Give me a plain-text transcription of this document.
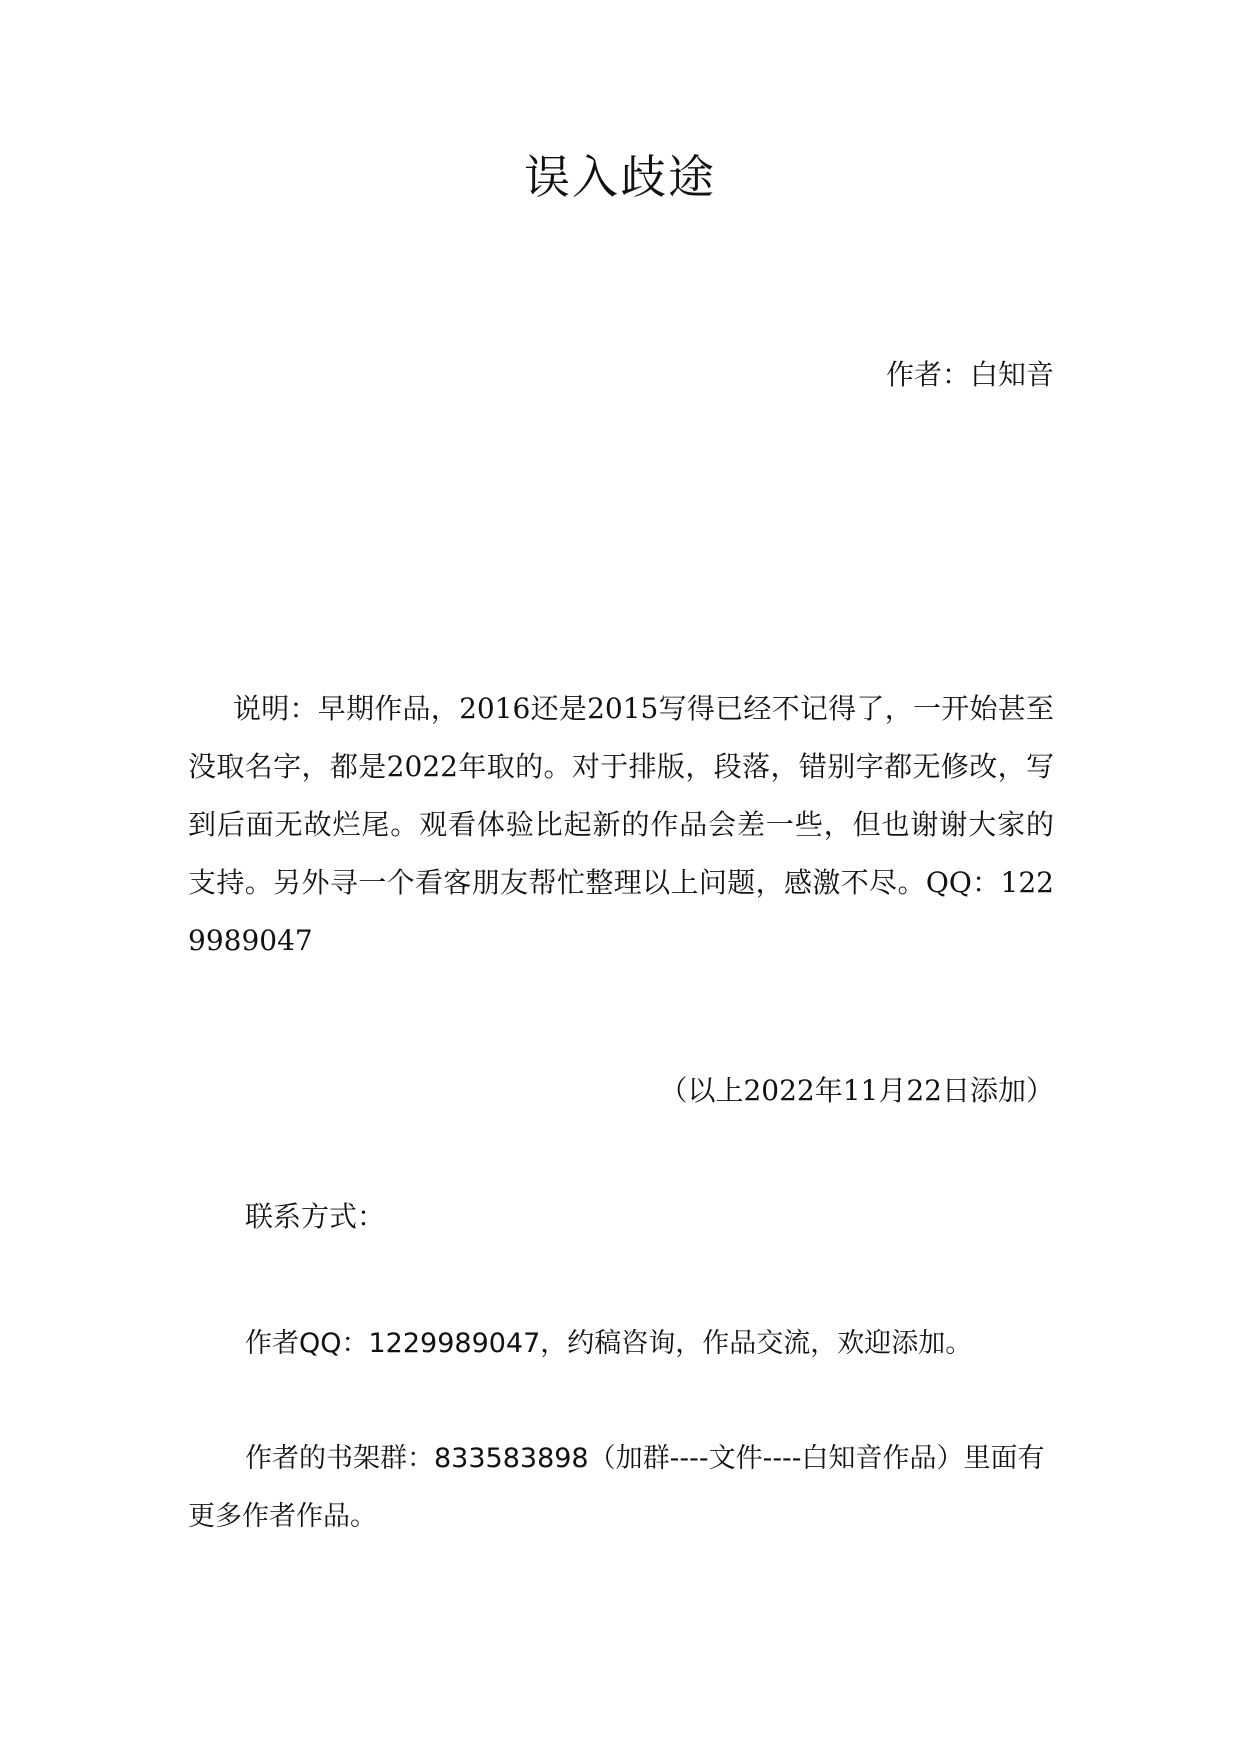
误入歧途
作者：白知音
说明：早期作品，2016还是2015写得已经不记得了，一开始甚至没取名字，都是2022年取的。对于排版，段落，错别字都无修改，写到后面无故烂尾。观看体验比起新的作品会差一些，但也谢谢大家的支持。另外寻一个看客朋友帮忙整理以上问题，感激不尽。QQ：1229989047
（以上2022年11月22日添加）
联系方式：
作者QQ：1229989047，约稿咨询，作品交流，欢迎添加。
作者的书架群：833583898（加群----文件----白知音作品）里面有更多作者作品。
